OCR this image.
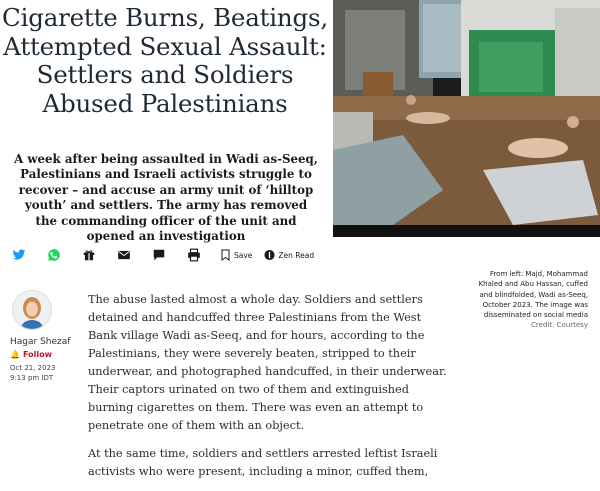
Cigarette Burns, Beatings, Attempted Sexual Assault: Settlers and Soldiers Abused Palestinians

A week after being assaulted in Wadi as-Seeq, Palestinians and Israeli activists struggle to recover – and accuse an army unit of ‘hilltop youth’ and settlers. The army has removed the commanding officer of the unit and opened an investigation

Save	Zen Read
From left: Majd, Mohammad Khaled and Abu Hassan, cuffed and blindfolded, Wadi as-Seeq, October 2023. The image was disseminated on social media Credit: Courtesy
Hagar Shezaf
🔔 Follow
Oct 21, 2023 9:13 pm IDT

The abuse lasted almost a whole day. Soldiers and settlers detained and handcuffed three Palestinians from the West Bank village Wadi as-Seeq, and for hours, according to the Palestinians, they were severely beaten, stripped to their underwear, and photographed handcuffed, in their underwear. Their captors urinated on two of them and extinguished burning cigarettes on them. There was even an attempt to penetrate one of them with an object.

At the same time, soldiers and settlers arrested leftist Israeli activists who were present, including a minor, cuffed them,
